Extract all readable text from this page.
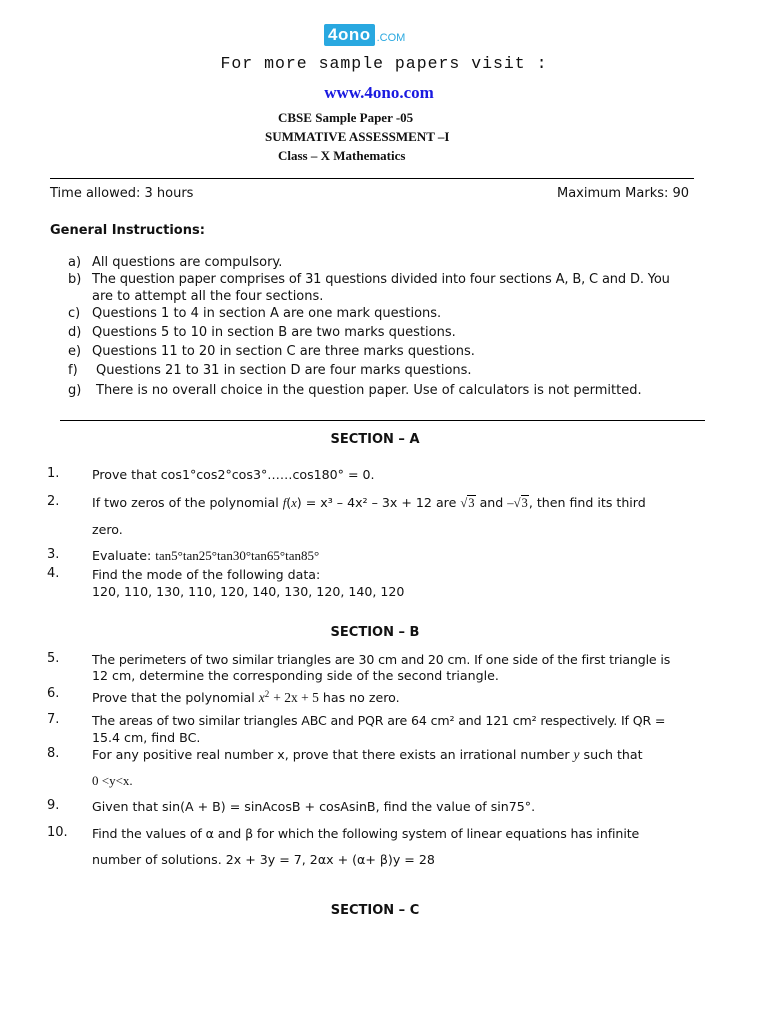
4ono .COM
For more sample papers visit :
www.4ono.com
CBSE Sample Paper -05
SUMMATIVE ASSESSMENT –I
Class – X Mathematics
Time allowed: 3 hours	Maximum Marks: 90
General Instructions:
a) All questions are compulsory.
b) The question paper comprises of 31 questions divided into four sections A, B, C and D. You
are to attempt all the four sections.
c) Questions 1 to 4 in section A are one mark questions.
d) Questions 5 to 10 in section B are two marks questions.
e) Questions 11 to 20 in section C are three marks questions.
f) Questions 21 to 31 in section D are four marks questions.
g) There is no overall choice in the question paper. Use of calculators is not permitted.
SECTION – A
1.	Prove that cos1°cos2°cos3°……cos180° = 0.
2.	If two zeros of the polynomial f(x) = x³ – 4x² – 3x + 12 are √3 and –√3, then find its third
zero.
3.	Evaluate: tan5°tan25°tan30°tan65°tan85°
4.	Find the mode of the following data:
120, 110, 130, 110, 120, 140, 130, 120, 140, 120
SECTION – B
5.	The perimeters of two similar triangles are 30 cm and 20 cm. If one side of the first triangle is
12 cm, determine the corresponding side of the second triangle.
6.	Prove that the polynomial $x^2 + 2x + 5$ has no zero.
7.	The areas of two similar triangles ABC and PQR are 64 cm² and 121 cm² respectively. If QR =
15.4 cm, find BC.
8.	For any positive real number x, prove that there exists an irrational number y such that
0 <y<x.
9.	Given that sin(A + B) = sinAcosB + cosAsinB, find the value of sin75°.
10. Find the values of α and β for which the following system of linear equations has infinite
number of solutions. 2x + 3y = 7, 2αx + (α+ β)y = 28
SECTION – C
